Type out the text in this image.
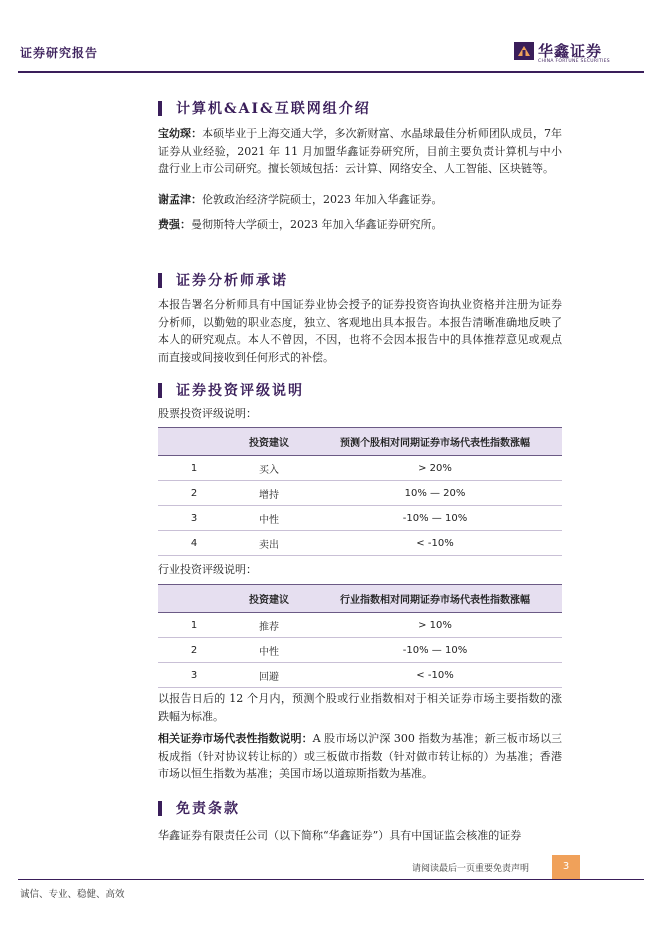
证券研究报告	华鑫证券
CHINA FORTUNE SECURITIES
计算机&AI&互联网组介绍
宝幼琛：本硕毕业于上海交通大学，多次新财富、水晶球最佳分析师团队成员，7年证券从业经验，2021 年 11 月加盟华鑫证券研究所，目前主要负责计算机与中小盘行业上市公司研究。擅长领域包括：云计算、网络安全、人工智能、区块链等。
谢孟津：伦敦政治经济学院硕士，2023 年加入华鑫证券。
费强：曼彻斯特大学硕士，2023 年加入华鑫证券研究所。
证券分析师承诺
本报告署名分析师具有中国证券业协会授予的证券投资咨询执业资格并注册为证券分析师，以勤勉的职业态度，独立、客观地出具本报告。本报告清晰准确地反映了本人的研究观点。本人不曾因，不因，也将不会因本报告中的具体推荐意见或观点而直接或间接收到任何形式的补偿。
证券投资评级说明
股票投资评级说明：
	投资建议	预测个股相对同期证券市场代表性指数涨幅
1	买入	> 20%
2	增持	10% — 20%
3	中性	-10% — 10%
4	卖出	< -10%
行业投资评级说明：
	投资建议	行业指数相对同期证券市场代表性指数涨幅
1	推荐	> 10%
2	中性	-10% — 10%
3	回避	< -10%
以报告日后的 12 个月内，预测个股或行业指数相对于相关证券市场主要指数的涨跌幅为标准。
相关证券市场代表性指数说明：A 股市场以沪深 300 指数为基准；新三板市场以三板成指（针对协议转让标的）或三板做市指数（针对做市转让标的）为基准；香港市场以恒生指数为基准；美国市场以道琼斯指数为基准。
免责条款
华鑫证券有限责任公司（以下简称“华鑫证券”）具有中国证监会核准的证券
请阅读最后一页重要免责声明	3
诚信、专业、稳健、高效
